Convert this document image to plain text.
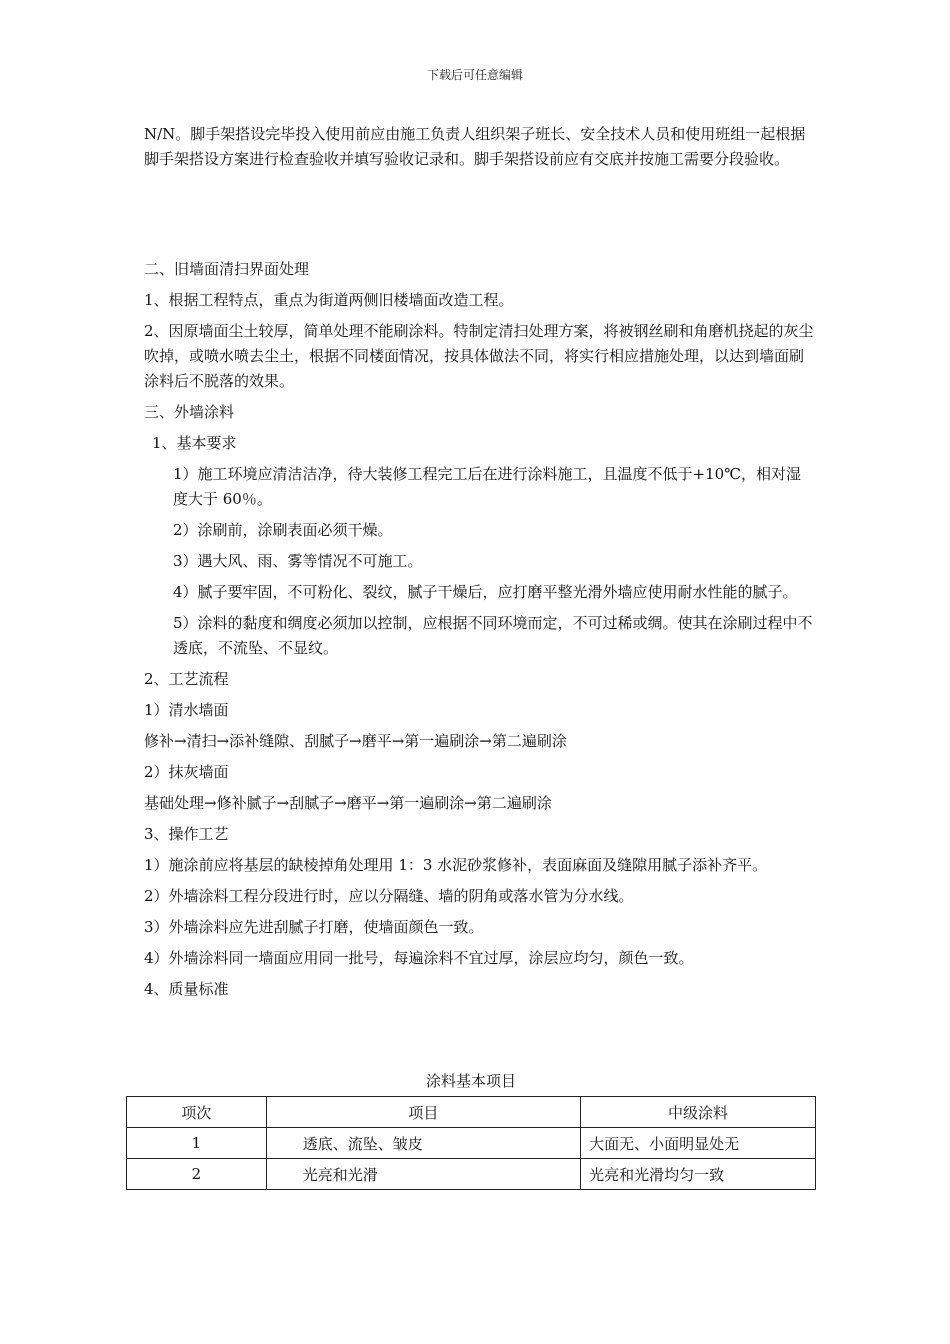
下载后可任意编辑

N/N。脚手架搭设完毕投入使用前应由施工负责人组织架子班长、安全技术人员和使用班组一起根据脚手架搭设方案进行检查验收并填写验收记录和。脚手架搭设前应有交底并按施工需要分段验收。

二、旧墙面清扫界面处理

1、根据工程特点，重点为街道两侧旧楼墙面改造工程。

2、因原墙面尘土较厚，简单处理不能刷涂料。特制定清扫处理方案，将被钢丝刷和角磨机挠起的灰尘吹掉，或喷水喷去尘土，根据不同楼面情况，按具体做法不同，将实行相应措施处理，以达到墙面刷涂料后不脱落的效果。

三、外墙涂料

1、基本要求

1）施工环境应清洁洁净，待大装修工程完工后在进行涂料施工，且温度不低于+10℃，相对湿度大于 60％。

2）涂刷前，涂刷表面必须干燥。

3）遇大风、雨、雾等情况不可施工。

4）腻子要牢固，不可粉化、裂纹，腻子干燥后，应打磨平整光滑外墙应使用耐水性能的腻子。

5）涂料的黏度和绸度必须加以控制，应根据不同环境而定，不可过稀或绸。使其在涂刷过程中不透底，不流坠、不显纹。

2、工艺流程

1）清水墙面

修补→清扫→添补缝隙、刮腻子→磨平→第一遍刷涂→第二遍刷涂

2）抹灰墙面

基础处理→修补腻子→刮腻子→磨平→第一遍刷涂→第二遍刷涂

3、操作工艺

1）施涂前应将基层的缺棱掉角处理用 1：3 水泥砂浆修补，表面麻面及缝隙用腻子添补齐平。

2）外墙涂料工程分段进行时，应以分隔缝、墙的阴角或落水管为分水线。

3）外墙涂料应先进刮腻子打磨，使墙面颜色一致。

4）外墙涂料同一墙面应用同一批号，每遍涂料不宜过厚，涂层应均匀，颜色一致。

4、质量标准

涂料基本项目
项次	项目	中级涂料
1	透底、流坠、皱皮	大面无、小面明显处无
2	光亮和光滑	光亮和光滑均匀一致
